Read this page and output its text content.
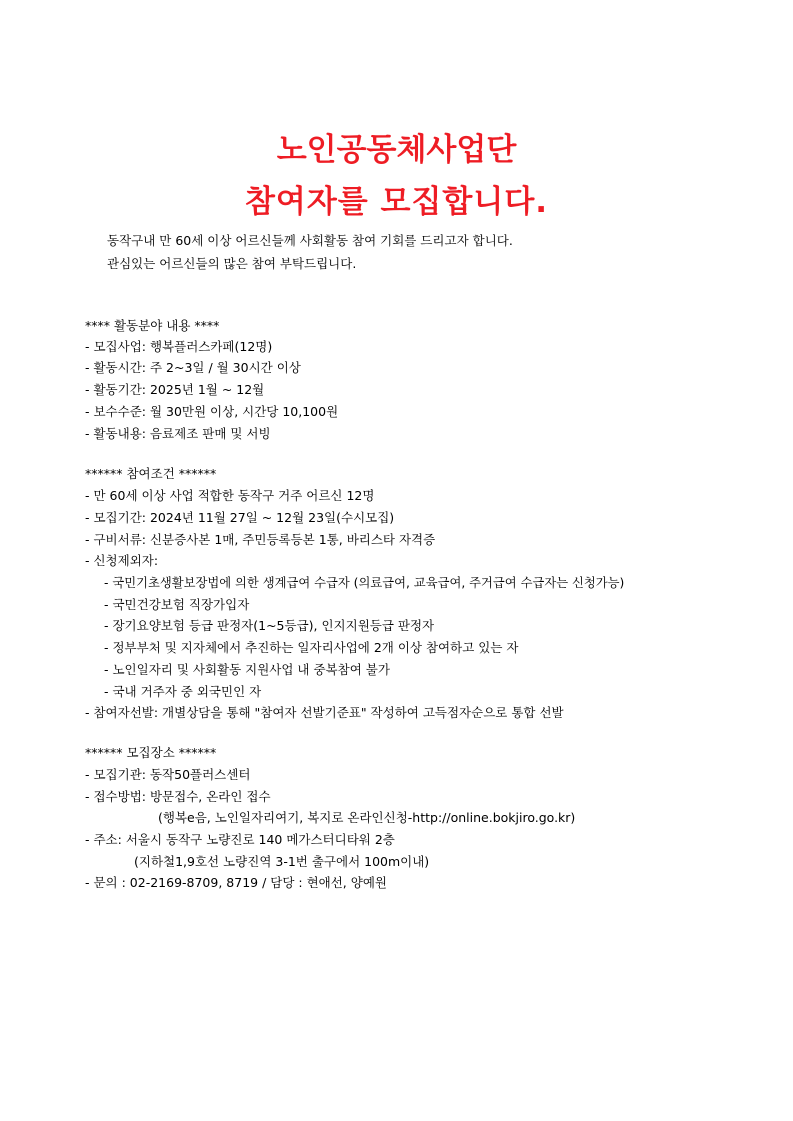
노인공동체사업단
참여자를 모집합니다.
동작구내 만 60세 이상 어르신들께 사회활동 참여 기회를 드리고자 합니다.
관심있는 어르신들의 많은 참여 부탁드립니다.
**** 활동분야 내용 ****
- 모집사업: 행복플러스카페(12명)
- 활동시간: 주 2~3일 / 월 30시간 이상
- 활동기간: 2025년 1월 ~ 12월
- 보수수준: 월 30만원 이상, 시간당 10,100원
- 활동내용: 음료제조 판매 및 서빙
****** 참여조건 ******
- 만 60세 이상 사업 적합한 동작구 거주 어르신 12명
- 모집기간: 2024년 11월 27일 ~ 12월 23일(수시모집)
- 구비서류: 신분증사본 1매, 주민등록등본 1통, 바리스타 자격증
- 신청제외자:
- 국민기초생활보장법에 의한 생계급여 수급자 (의료급여, 교육급여, 주거급여 수급자는 신청가능)
- 국민건강보험 직장가입자
- 장기요양보험 등급 판정자(1~5등급), 인지지원등급 판정자
- 정부부처 및 지자체에서 추진하는 일자리사업에 2개 이상 참여하고 있는 자
- 노인일자리 및 사회활동 지원사업 내 중복참여 불가
- 국내 거주자 중 외국민인 자
- 참여자선발: 개별상담을 통해 "참여자 선발기준표" 작성하여 고득점자순으로 통합 선발
****** 모집장소 ******
- 모집기관: 동작50플러스센터
- 접수방법: 방문접수, 온라인 접수
(행복e음, 노인일자리여기, 복지로 온라인신청-http://online.bokjiro.go.kr)
- 주소: 서울시 동작구 노량진로 140 메가스터디타워 2층
(지하철1,9호선 노량진역 3-1번 출구에서 100m이내)
- 문의 : 02-2169-8709, 8719 / 담당 : 현애선, 양예원
